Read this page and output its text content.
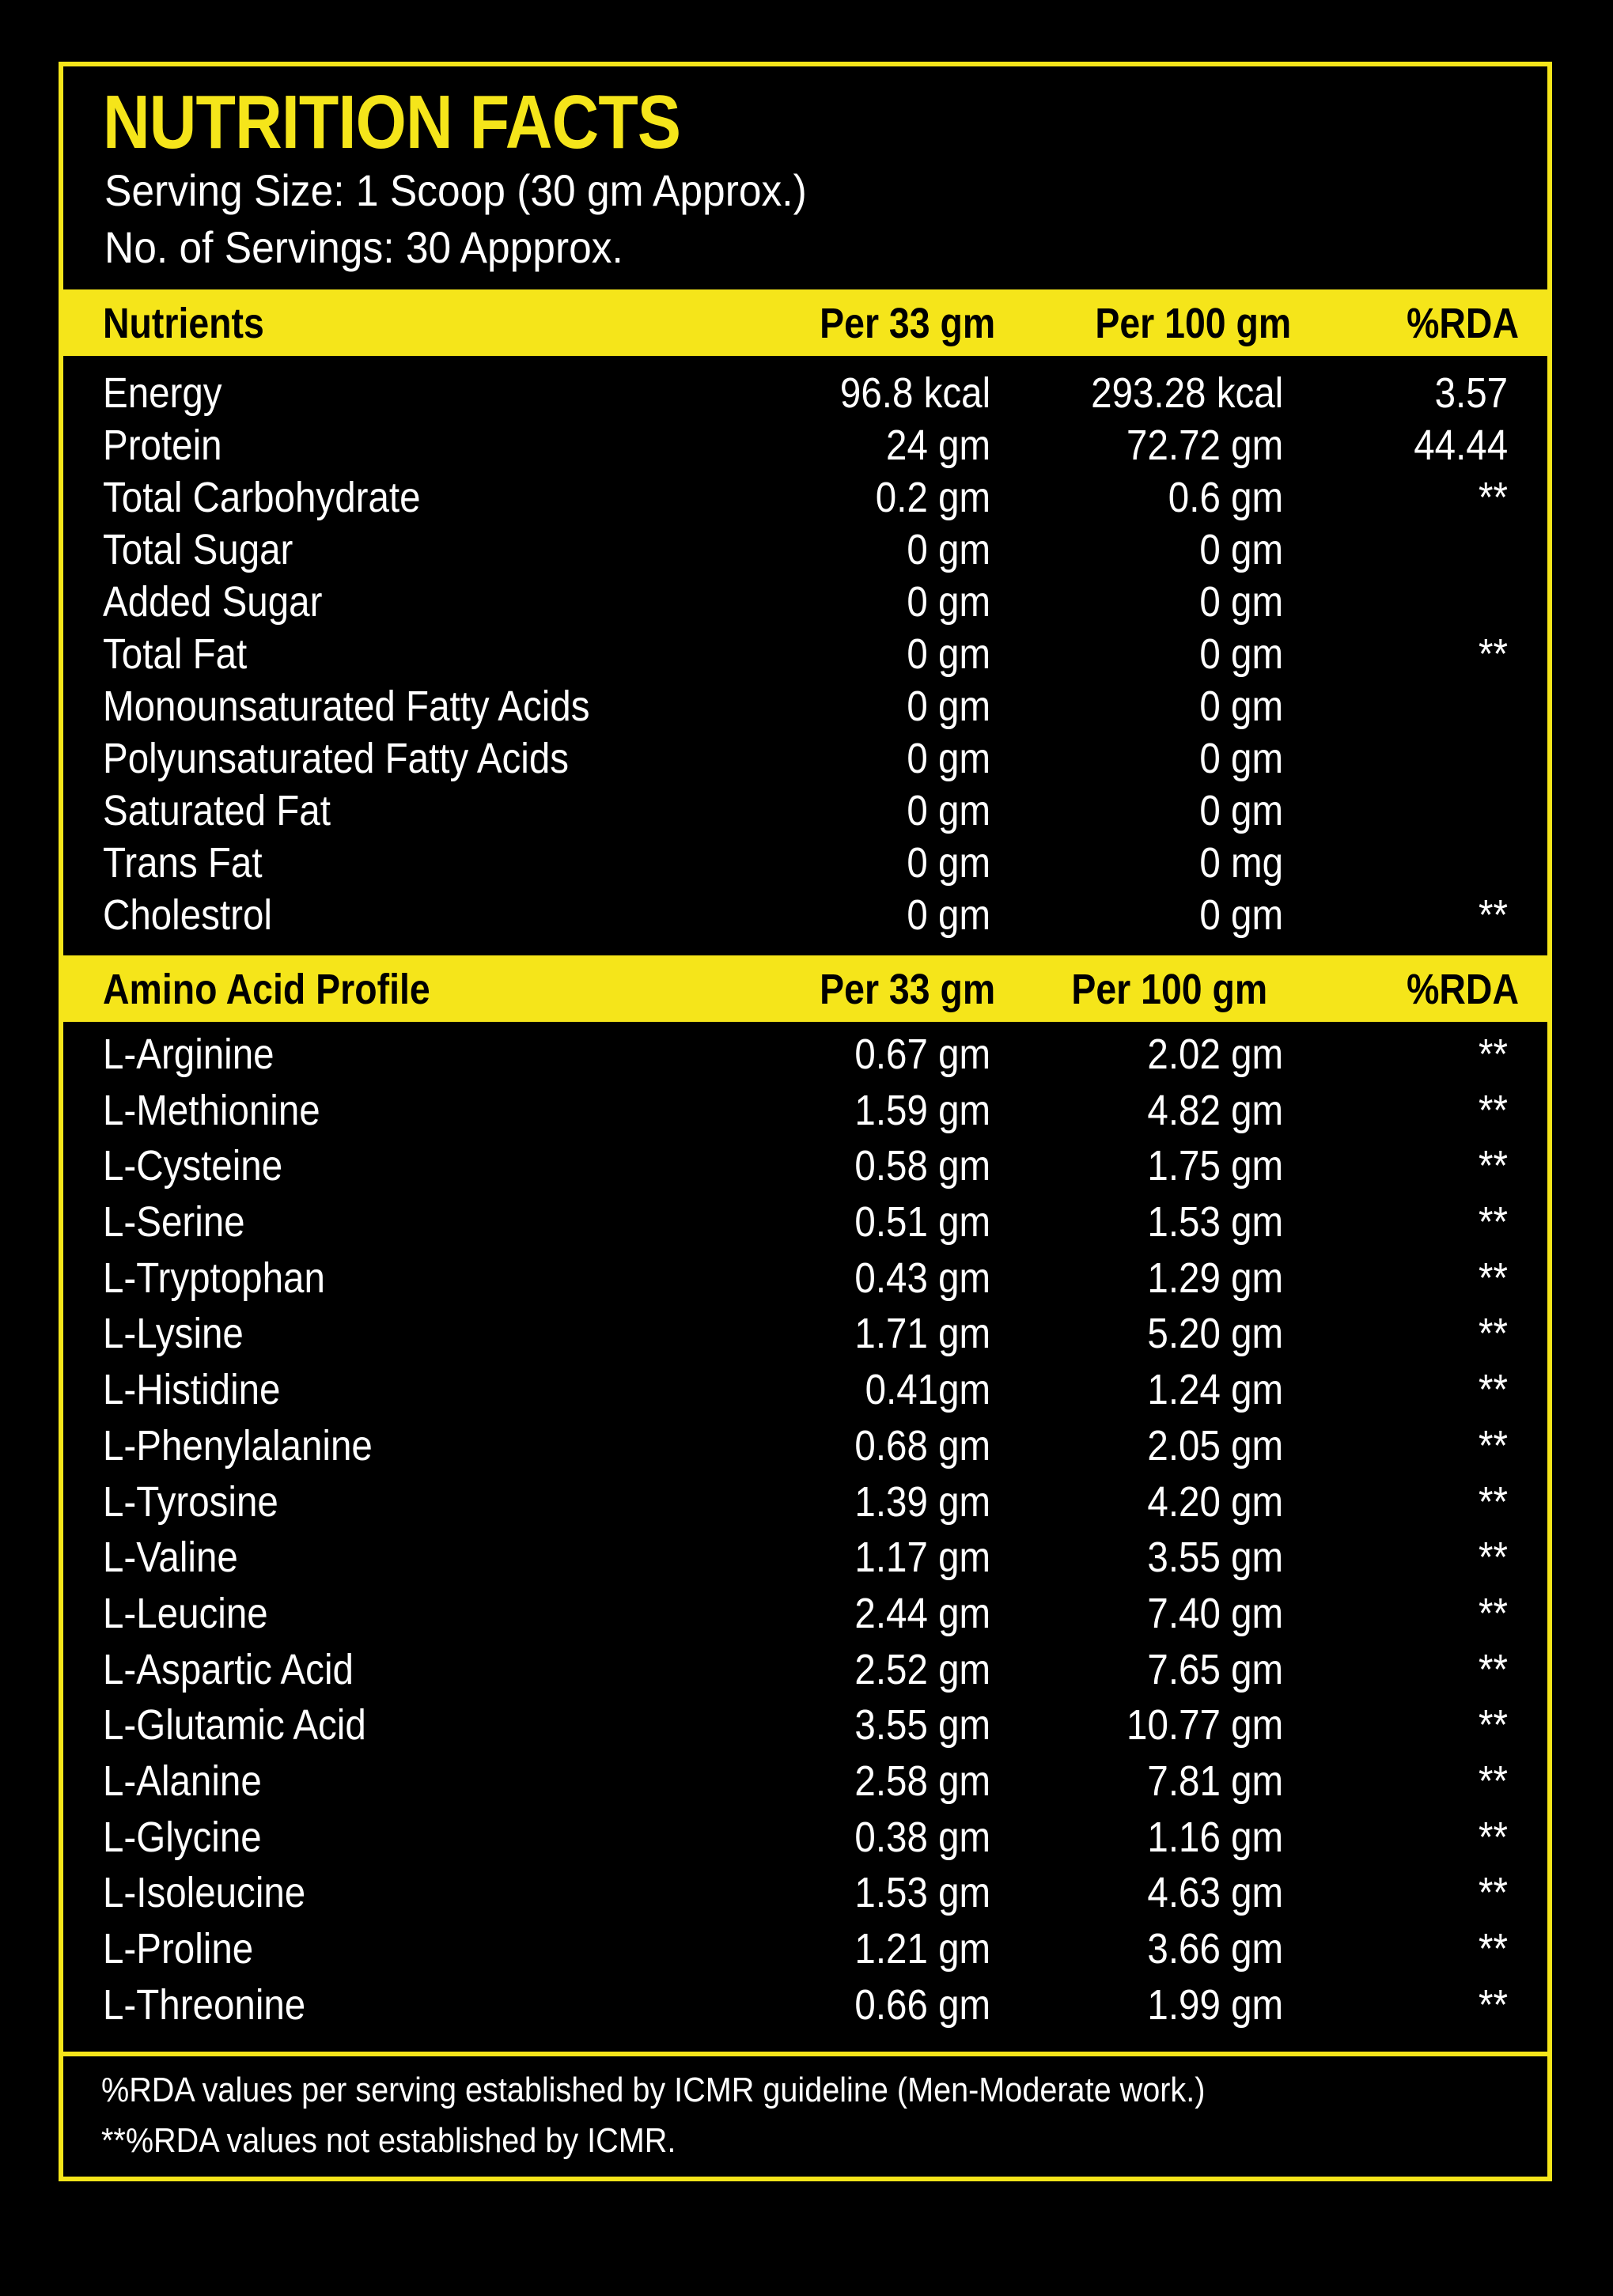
NUTRITION FACTS
Serving Size: 1 Scoop (30 gm Approx.)
No. of Servings: 30 Appprox.
Nutrients	Per 33 gm Per 100 gm	%RDA
Energy	96.8 kcal 293.28 kcal	3.57
Protein	24 gm	72.72 gm	44.44
Total Carbohydrate	0.2 gm	0.6 gm	**
Total Sugar	0 gm	0 gm
Added Sugar	0 gm	0 gm
Total Fat	0 gm	0 gm	**
Monounsaturated Fatty Acids	0 gm	0 gm
Polyunsaturated Fatty Acids	0 gm	0 gm
Saturated Fat	0 gm	0 gm
Trans Fat	0 gm	0 mg
Cholestrol	0 gm	0 gm	**
Amino Acid Profile	Per 33 gm Per 100 gm	%RDA
L-Arginine	0.67 gm	2.02 gm	**
L-Methionine	1.59 gm	4.82 gm	**
L-Cysteine	0.58 gm	1.75 gm	**
L-Serine	0.51 gm	1.53 gm	**
L-Tryptophan	0.43 gm	1.29 gm	**
L-Lysine	1.71 gm	5.20 gm	**
L-Histidine	0.41gm	1.24 gm	**
L-Phenylalanine	0.68 gm	2.05 gm	**
L-Tyrosine	1.39 gm	4.20 gm	**
L-Valine	1.17 gm	3.55 gm	**
L-Leucine	2.44 gm	7.40 gm	**
L-Aspartic Acid	2.52 gm	7.65 gm	**
L-Glutamic Acid	3.55 gm	10.77 gm	**
L-Alanine	2.58 gm	7.81 gm	**
L-Glycine	0.38 gm	1.16 gm	**
L-Isoleucine	1.53 gm	4.63 gm	**
L-Proline	1.21 gm	3.66 gm	**
L-Threonine	0.66 gm	1.99 gm	**
%RDA values per serving established by ICMR guideline (Men-Moderate work.)
**%RDA values not established by ICMR.
